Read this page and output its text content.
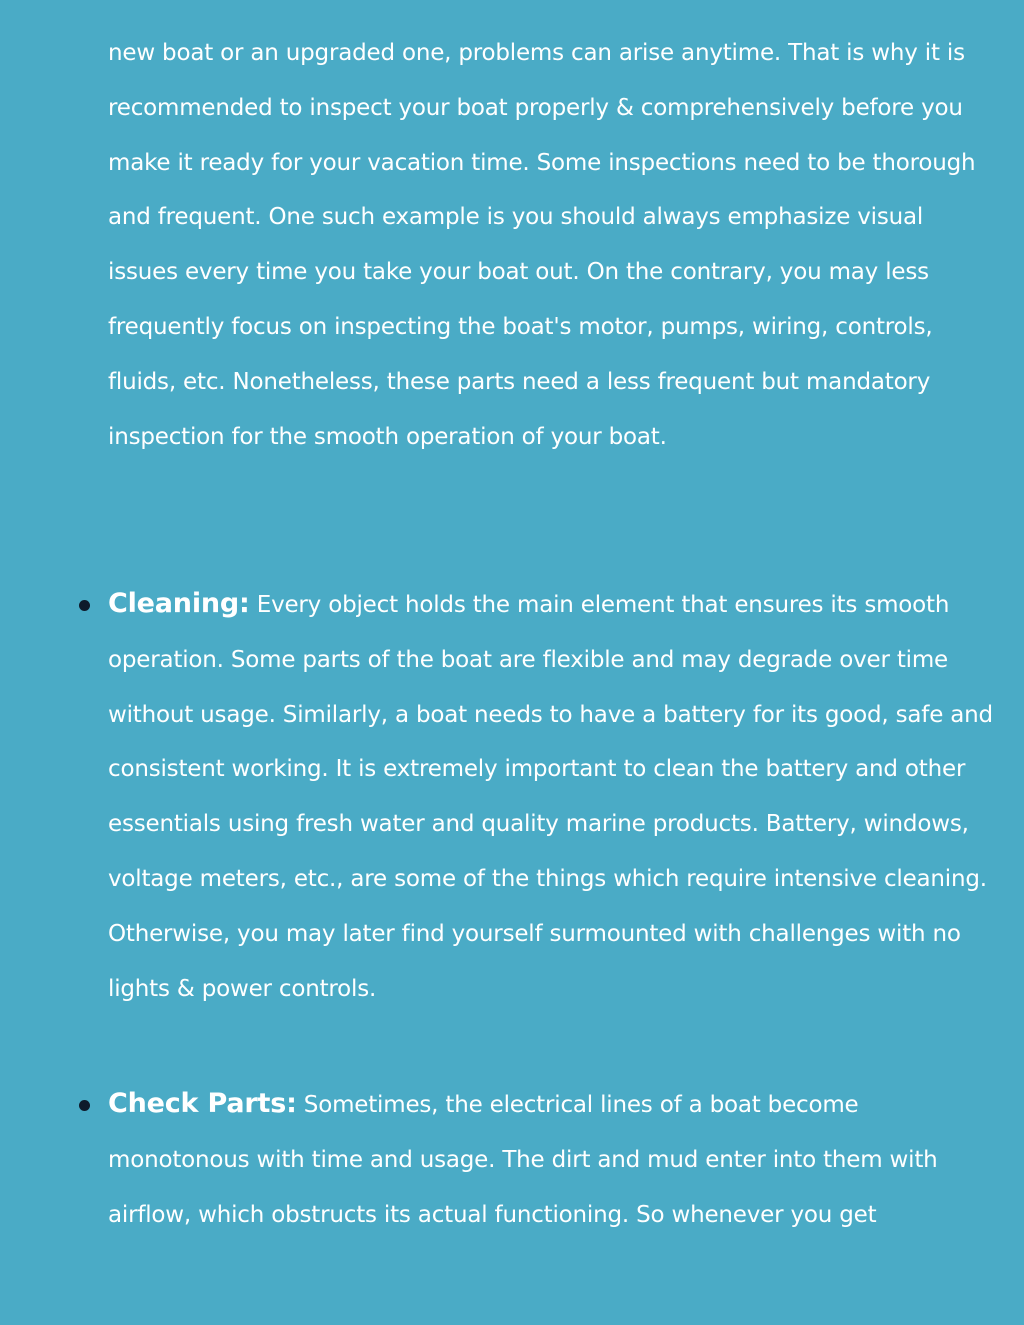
new boat or an upgraded one, problems can arise anytime. That is why it is recommended to inspect your boat properly & comprehensively before you make it ready for your vacation time. Some inspections need to be thorough and frequent. One such example is you should always emphasize visual issues every time you take your boat out. On the contrary, you may less frequently focus on inspecting the boat's motor, pumps, wiring, controls, fluids, etc. Nonetheless, these parts need a less frequent but mandatory inspection for the smooth operation of your boat.

Cleaning: Every object holds the main element that ensures its smooth operation. Some parts of the boat are flexible and may degrade over time without usage. Similarly, a boat needs to have a battery for its good, safe and consistent working. It is extremely important to clean the battery and other essentials using fresh water and quality marine products. Battery, windows, voltage meters, etc., are some of the things which require intensive cleaning. Otherwise, you may later find yourself surmounted with challenges with no lights & power controls.
Check Parts: Sometimes, the electrical lines of a boat become monotonous with time and usage. The dirt and mud enter into them with airflow, which obstructs its actual functioning. So whenever you get
